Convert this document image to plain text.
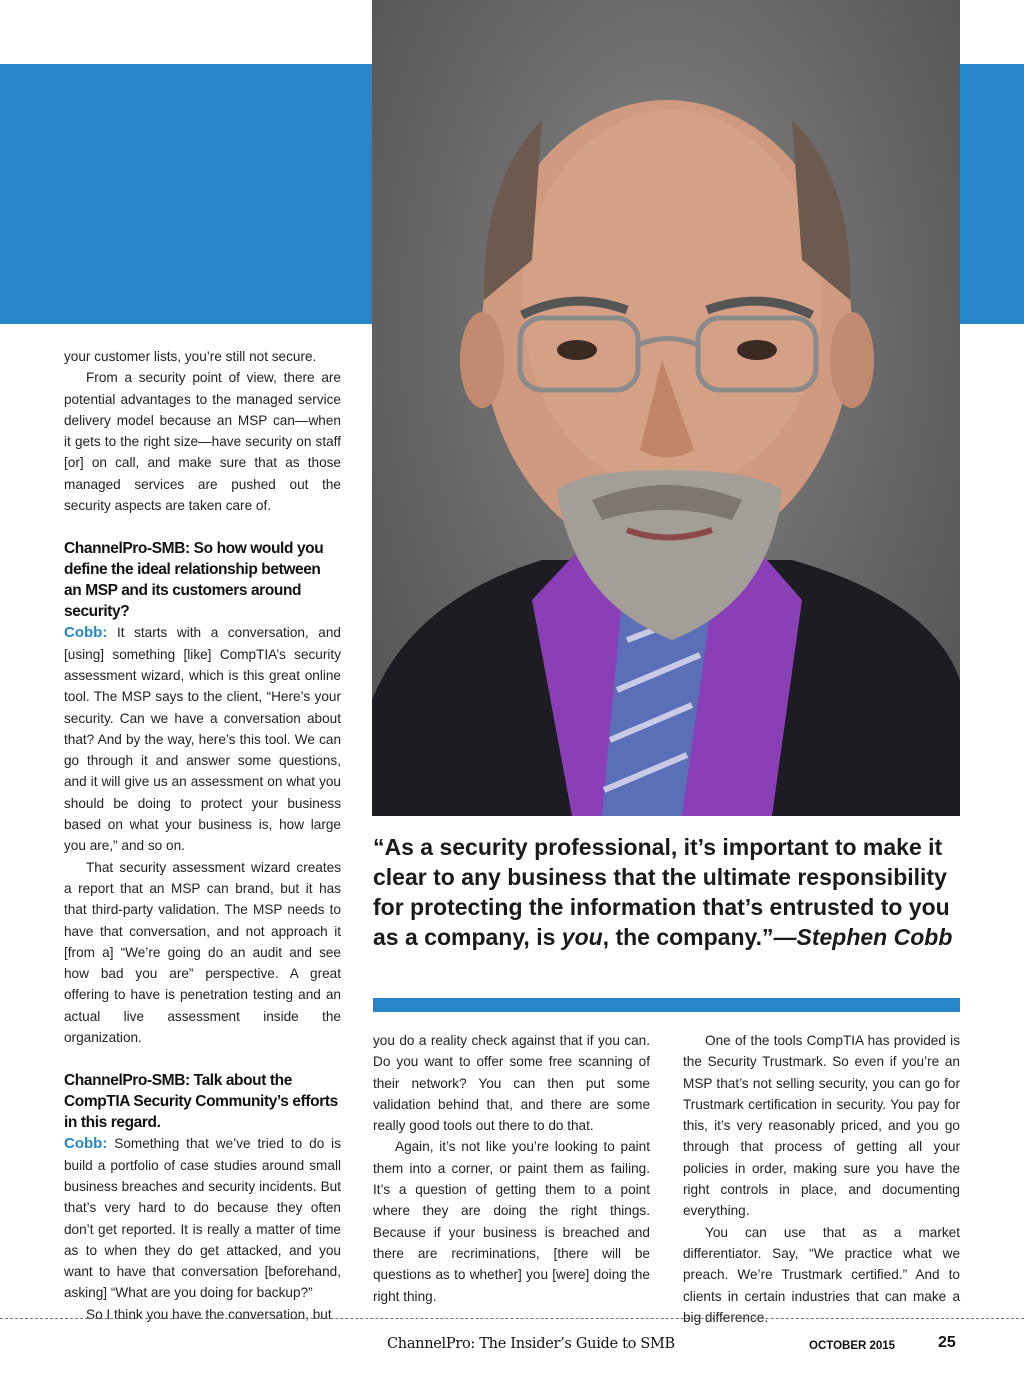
your customer lists, you’re still not secure.

From a security point of view, there are potential advantages to the managed service delivery model because an MSP can—when it gets to the right size—have security on staff [or] on call, and make sure that as those managed services are pushed out the security aspects are taken care of.

ChannelPro-SMB: So how would you define the ideal relationship between an MSP and its customers around security?

Cobb: It starts with a conversation, and [using] something [like] CompTIA’s security assessment wizard, which is this great online tool. The MSP says to the client, “Here’s your security. Can we have a conversation about that? And by the way, here’s this tool. We can go through it and answer some questions, and it will give us an assessment on what you should be doing to protect your business based on what your business is, how large you are,” and so on.

That security assessment wizard creates a report that an MSP can brand, but it has that third-party validation. The MSP needs to have that conversation, and not approach it [from a] “We’re going do an audit and see how bad you are” perspective. A great offering to have is penetration testing and an actual live assessment inside the organization.

ChannelPro-SMB: Talk about the CompTIA Security Community’s efforts in this regard.

Cobb: Something that we’ve tried to do is build a portfolio of case studies around small business breaches and security incidents. But that’s very hard to do because they often don’t get reported. It is really a matter of time as to when they do get attacked, and you want to have that conversation [beforehand, asking] “What are you doing for backup?”

So I think you have the conversation, but

“As a security professional, it’s important to make it clear to any business that the ultimate responsibility for protecting the information that’s entrusted to you as a company, is you, the company.”—Stephen Cobb

you do a reality check against that if you can. Do you want to offer some free scanning of their network? You can then put some validation behind that, and there are some really good tools out there to do that.

Again, it’s not like you’re looking to paint them into a corner, or paint them as failing. It’s a question of getting them to a point where they are doing the right things. Because if your business is breached and there are recriminations, [there will be questions as to whether] you [were] doing the right thing.

One of the tools CompTIA has provided is the Security Trustmark. So even if you’re an MSP that’s not selling security, you can go for Trustmark certification in security. You pay for this, it’s very reasonably priced, and you go through that process of getting all your policies in order, making sure you have the right controls in place, and documenting everything.

You can use that as a market differentiator. Say, “We practice what we preach. We’re Trustmark certified.” And to clients in certain industries that can make a big difference.

ChannelPro: The Insider’s Guide to SMB	OCTOBER 2015	25
